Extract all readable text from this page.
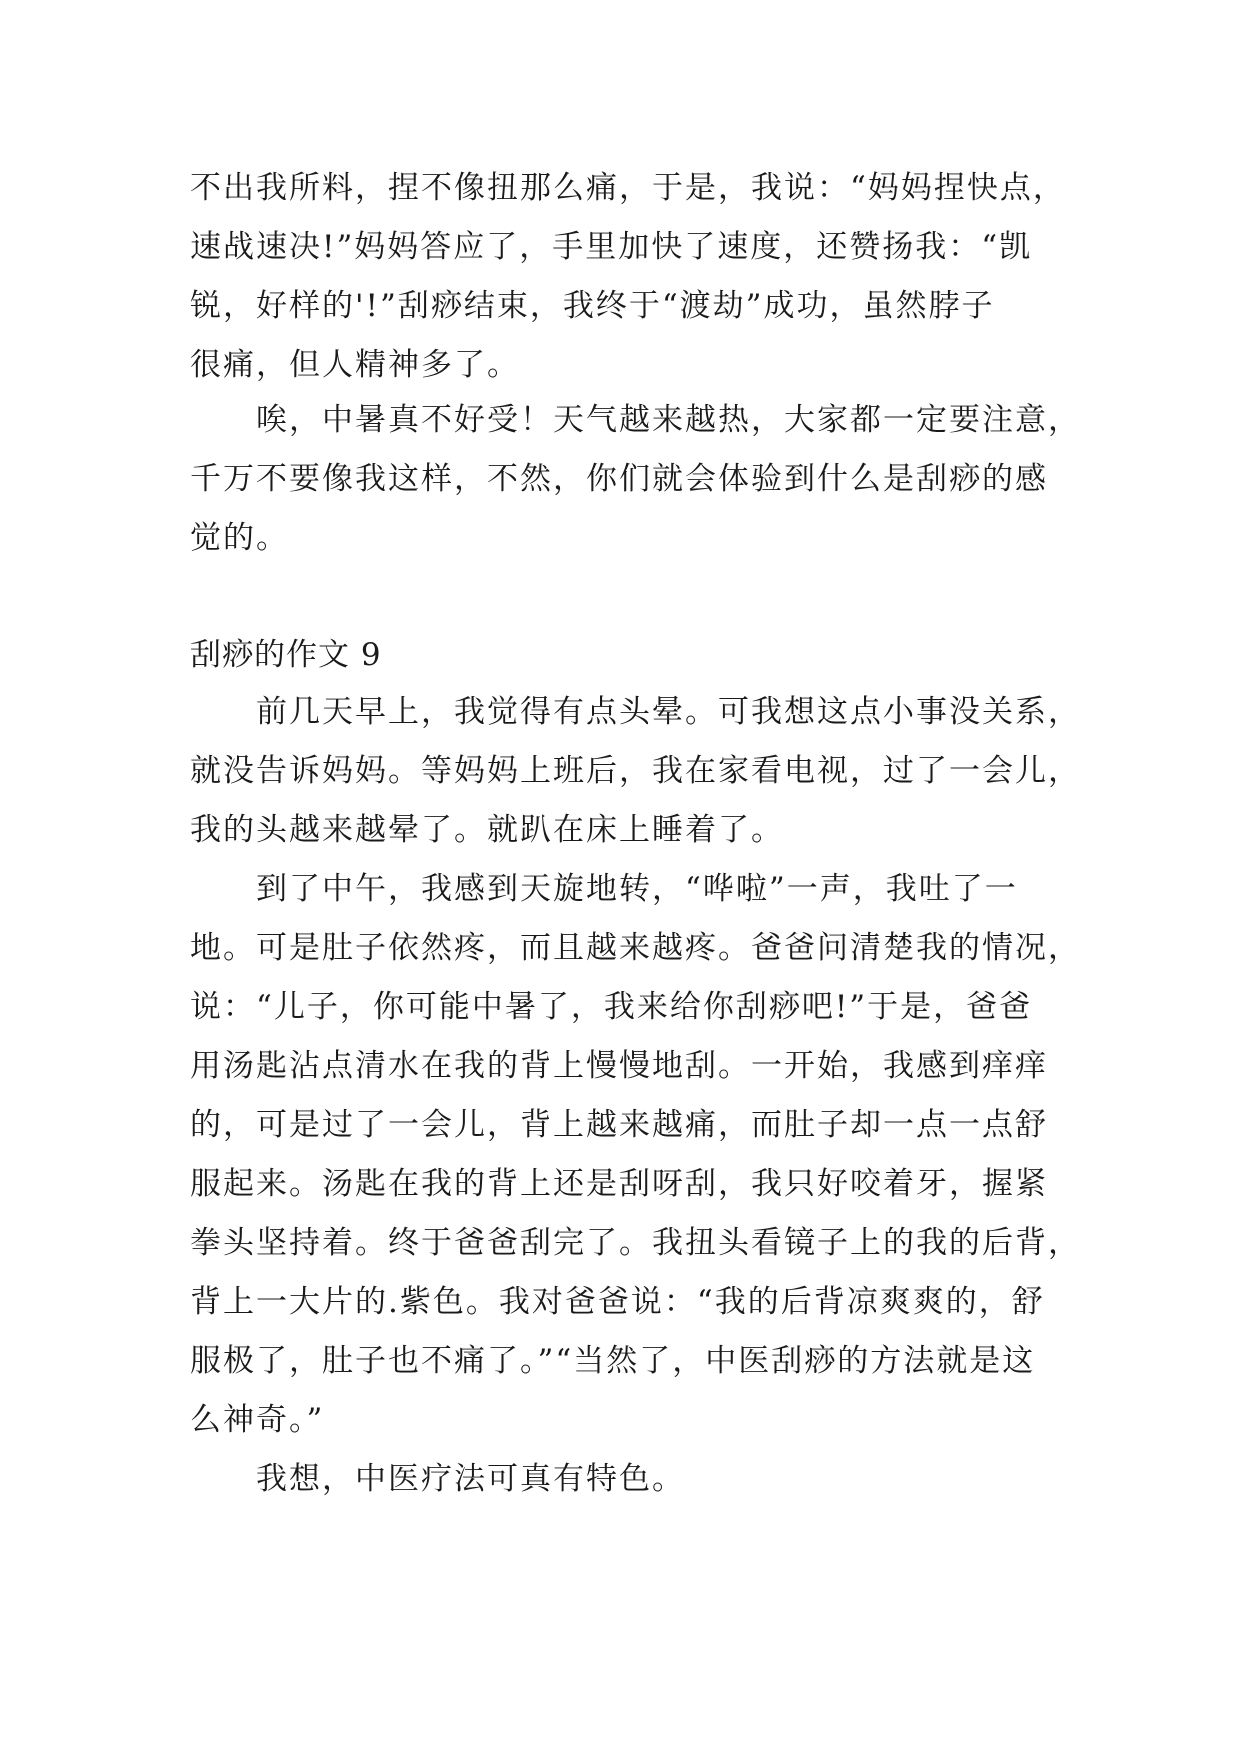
不出我所料，捏不像扭那么痛，于是，我说：“妈妈捏快点，
速战速决!”妈妈答应了，手里加快了速度，还赞扬我：“凯
锐，好样的'!”刮痧结束，我终于“渡劫”成功，虽然脖子
很痛，但人精神多了。
唉，中暑真不好受！天气越来越热，大家都一定要注意，
千万不要像我这样，不然，你们就会体验到什么是刮痧的感
觉的。
刮痧的作文 9
前几天早上，我觉得有点头晕。可我想这点小事没关系，
就没告诉妈妈。等妈妈上班后，我在家看电视，过了一会儿，
我的头越来越晕了。就趴在床上睡着了。
到了中午，我感到天旋地转，“哗啦”一声，我吐了一
地。可是肚子依然疼，而且越来越疼。爸爸问清楚我的情况，
说：“儿子，你可能中暑了，我来给你刮痧吧!”于是，爸爸
用汤匙沾点清水在我的背上慢慢地刮。一开始，我感到痒痒
的，可是过了一会儿，背上越来越痛，而肚子却一点一点舒
服起来。汤匙在我的背上还是刮呀刮，我只好咬着牙，握紧
拳头坚持着。终于爸爸刮完了。我扭头看镜子上的我的后背，
背上一大片的.紫色。我对爸爸说：“我的后背凉爽爽的，舒
服极了，肚子也不痛了。”“当然了，中医刮痧的方法就是这
么神奇。”
我想，中医疗法可真有特色。
